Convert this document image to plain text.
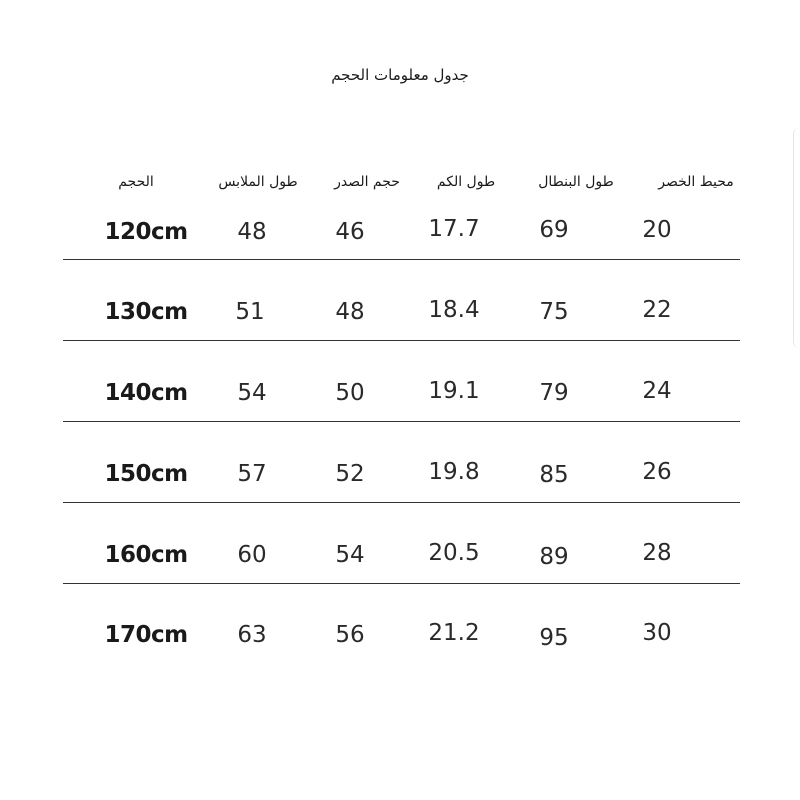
جدول معلومات الحجم
الحجم	طول الملابس	حجم الصدر	طول الكم	طول البنطال	محيط الخصر
120cm 48	46	17.7	69	20
130cm 51	48	18.4	75	22
140cm 54	50	19.1	79	24
150cm 57	52	19.8	85	26
160cm 60	54	20.5	89	28
170cm 63	56	21.2	95	30
